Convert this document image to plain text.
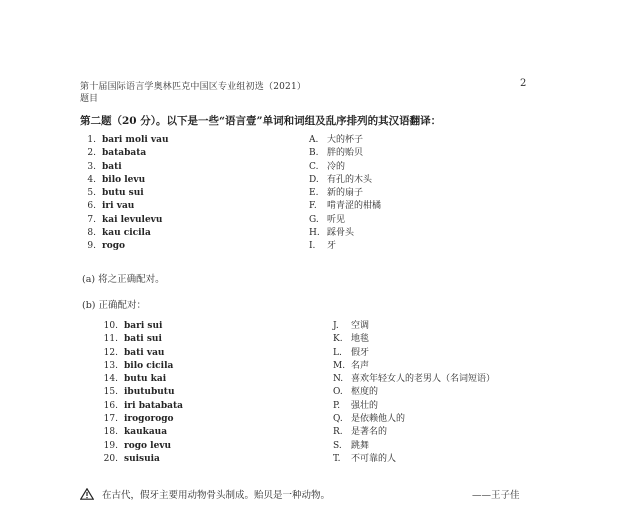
第十届国际语言学奥林匹克中国区专业组初选（2021）	2
题目
第二题（20 分）。以下是一些“语言壹”单词和词组及乱序排列的其汉语翻译：
1. bari moli vau
2. batabata
3. bati
4. bilo levu
5. butu sui
6. iri vau
7. kai levulevu
8. kau cicila
9. rogo
A. 大的杯子
B. 胖的贻贝
C. 冷的
D. 有孔的木头
E. 新的扇子
F. 啃青涩的柑橘
G. 听见
H. 踩骨头
I. 牙
(a) 将之正确配对。
(b) 正确配对：
10. bari sui
11. bati sui
12. bati vau
13. bilo cicila
14. butu kai
15. ibutubutu
16. iri batabata
17. irogorogo
18. kaukaua
19. rogo levu
20. suisuia
J. 空调
K. 地毯
L. 假牙
M. 名声
N. 喜欢年轻女人的老男人（名词短语）
O. 枢度的
P. 强壮的
Q. 是依赖他人的
R. 是著名的
S. 跳舞
T. 不可靠的人
在古代，假牙主要用动物骨头制成。贻贝是一种动物。	——王子佳
